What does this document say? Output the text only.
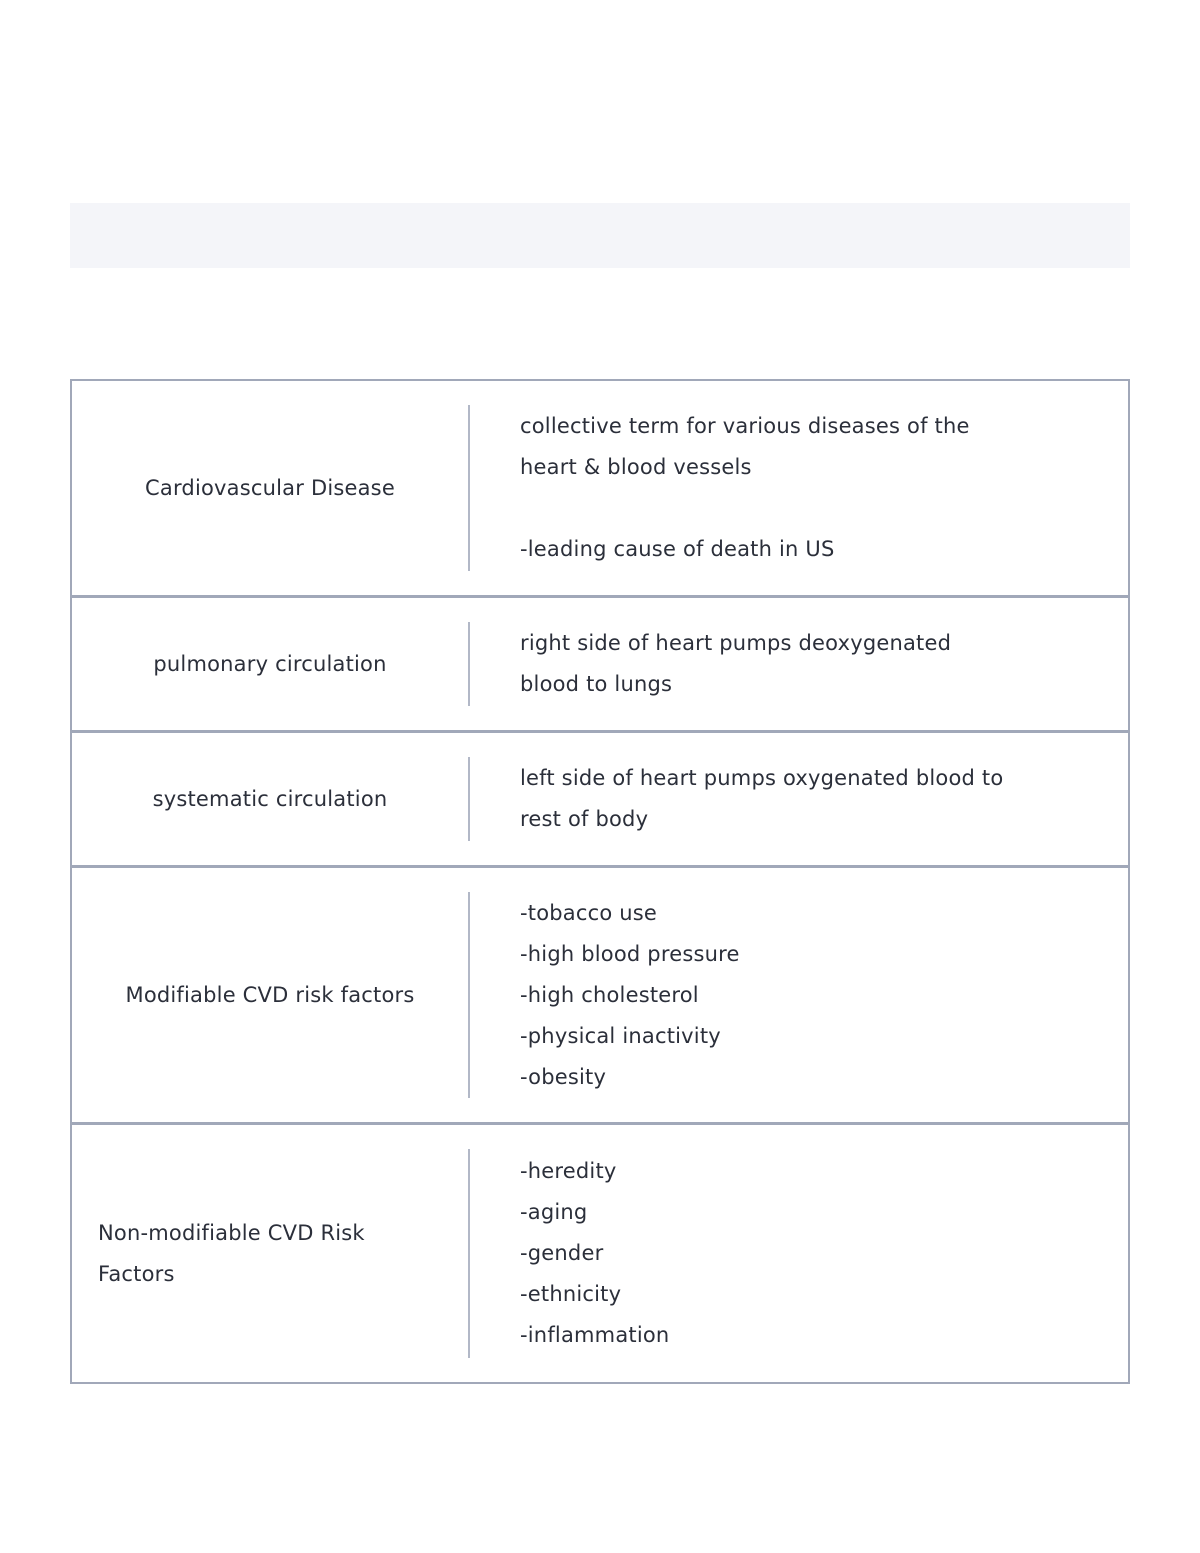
Cardiovascular Disease
collective term for various diseases of the
heart & blood vessels
-leading cause of death in US
pulmonary circulation
right side of heart pumps deoxygenated
blood to lungs
systematic circulation
left side of heart pumps oxygenated blood to
rest of body
Modifiable CVD risk factors
-tobacco use
-high blood pressure
-high cholesterol
-physical inactivity
-obesity
Non-modifiable CVD Risk
Factors
-heredity
-aging
-gender
-ethnicity
-inflammation
